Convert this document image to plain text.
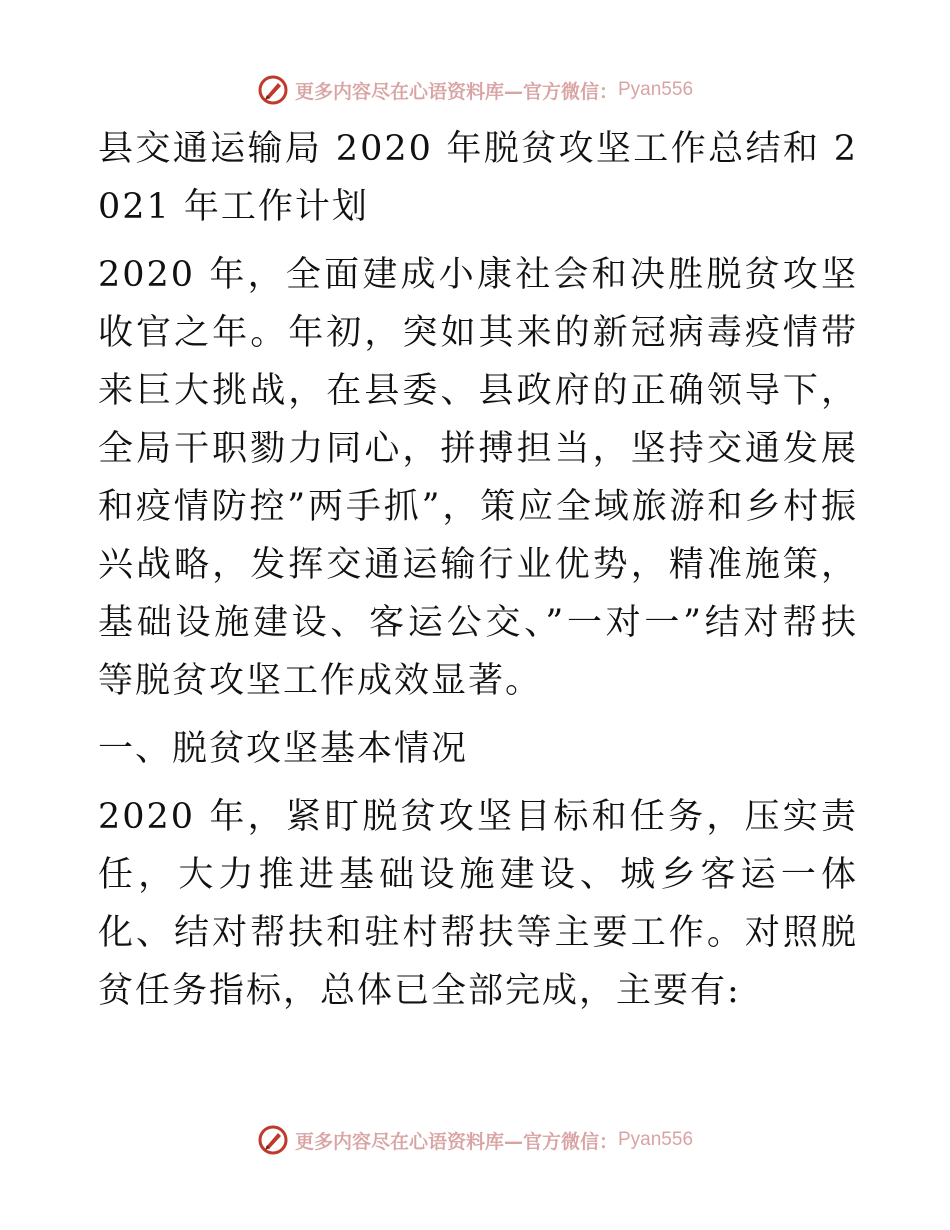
更多内容尽在心语资料库—官方微信： Pyan556

县交通运输局 2020 年脱贫攻坚工作总结和 2021 年工作计划

2020 年，全面建成小康社会和决胜脱贫攻坚收官之年。年初，突如其来的新冠病毒疫情带来巨大挑战，在县委、县政府的正确领导下，全局干职勠力同心，拼搏担当，坚持交通发展和疫情防控”两手抓”，策应全域旅游和乡村振兴战略，发挥交通运输行业优势，精准施策，基础设施建设、客运公交、”一对一”结对帮扶等脱贫攻坚工作成效显著。

一、脱贫攻坚基本情况

2020 年，紧盯脱贫攻坚目标和任务，压实责任，大力推进基础设施建设、城乡客运一体化、结对帮扶和驻村帮扶等主要工作。对照脱贫任务指标，总体已全部完成，主要有:

更多内容尽在心语资料库—官方微信： Pyan556
